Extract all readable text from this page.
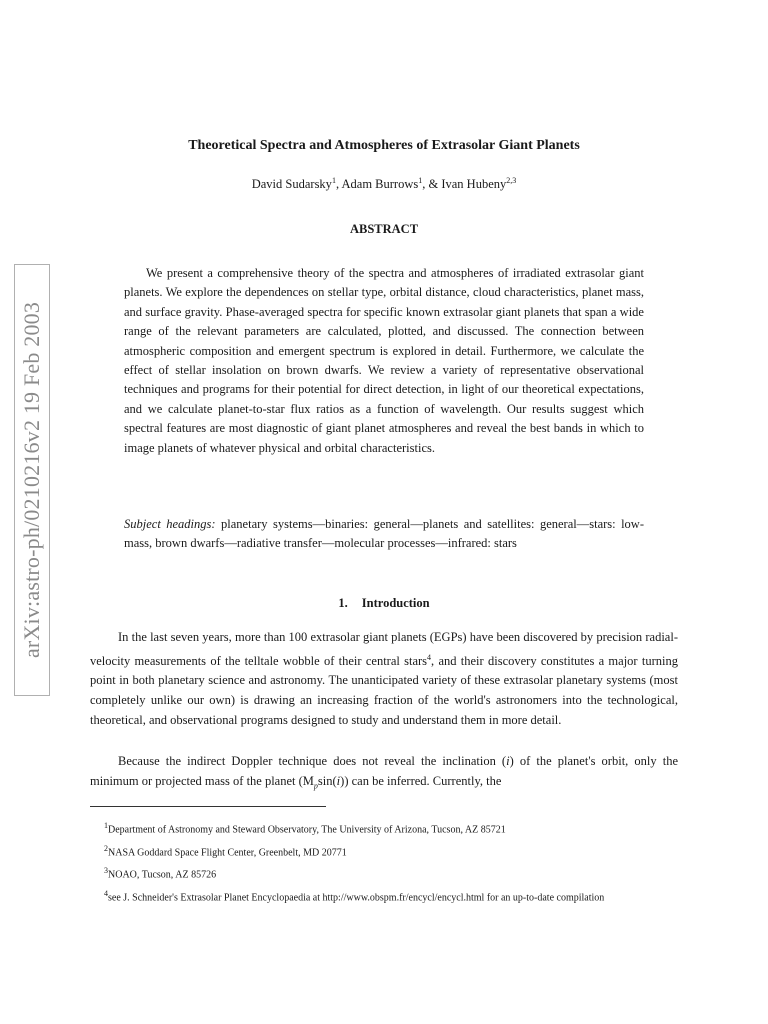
arXiv:astro-ph/0210216v2 19 Feb 2003
Theoretical Spectra and Atmospheres of Extrasolar Giant Planets
David Sudarsky$^1$, Adam Burrows$^1$, & Ivan Hubeny$^{2,3}$
ABSTRACT

We present a comprehensive theory of the spectra and atmospheres of irradiated extrasolar giant planets. We explore the dependences on stellar type, orbital distance, cloud characteristics, planet mass, and surface gravity. Phase-averaged spectra for specific known extrasolar giant planets that span a wide range of the relevant parameters are calculated, plotted, and discussed. The connection between atmospheric composition and emergent spectrum is explored in detail. Furthermore, we calculate the effect of stellar insolation on brown dwarfs. We review a variety of representative observational techniques and programs for their potential for direct detection, in light of our theoretical expectations, and we calculate planet-to-star flux ratios as a function of wavelength. Our results suggest which spectral features are most diagnostic of giant planet atmospheres and reveal the best bands in which to image planets of whatever physical and orbital characteristics.

Subject headings: planetary systems—binaries: general—planets and satellites: general—stars: low-mass, brown dwarfs—radiative transfer—molecular processes—infrared: stars

1. Introduction

In the last seven years, more than 100 extrasolar giant planets (EGPs) have been discovered by precision radial-velocity measurements of the telltale wobble of their central stars$^4$, and their discovery constitutes a major turning point in both planetary science and astronomy. The unanticipated variety of these extrasolar planetary systems (most completely unlike our own) is drawing an increasing fraction of the world's astronomers into the technological, theoretical, and observational programs designed to study and understand them in more detail.

Because the indirect Doppler technique does not reveal the inclination (i) of the planet's orbit, only the minimum or projected mass of the planet $(M_p\sin(i))$ can be inferred. Currently, the

$^1$Department of Astronomy and Steward Observatory, The University of Arizona, Tucson, AZ 85721

$^2$NASA Goddard Space Flight Center, Greenbelt, MD 20771

$^3$NOAO, Tucson, AZ 85726

$^4$see J. Schneider's Extrasolar Planet Encyclopaedia at http://www.obspm.fr/encycl/encycl.html for an up-to-date compilation
